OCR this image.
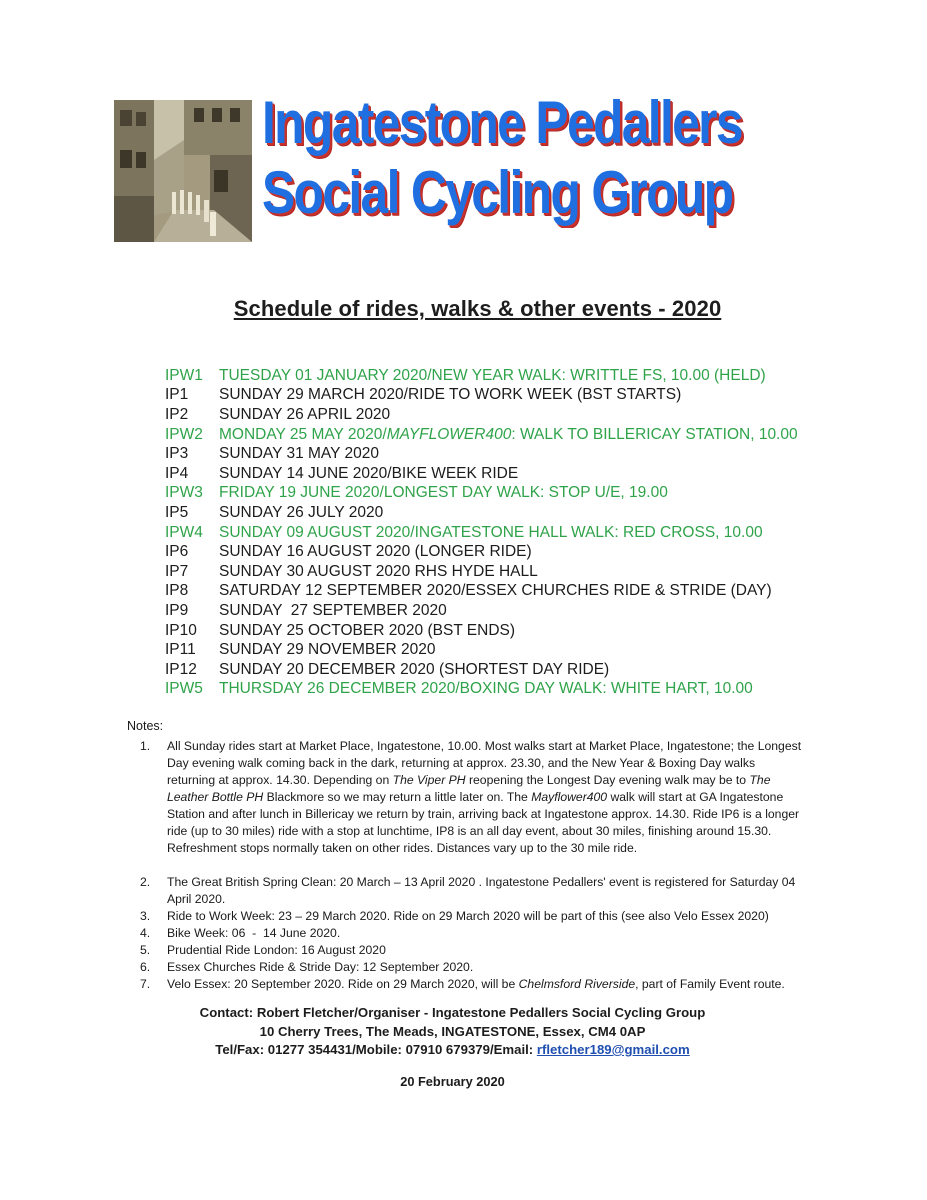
Ingatestone Pedallers
Social Cycling Group
Schedule of rides, walks & other events - 2020
IPW1	TUESDAY 01 JANUARY 2020/NEW YEAR WALK: WRITTLE FS, 10.00 (HELD)
IP1	SUNDAY 29 MARCH 2020/RIDE TO WORK WEEK (BST STARTS)
IP2	SUNDAY 26 APRIL 2020
IPW2	MONDAY 25 MAY 2020/MAYFLOWER400: WALK TO BILLERICAY STATION, 10.00
IP3	SUNDAY 31 MAY 2020
IP4	SUNDAY 14 JUNE 2020/BIKE WEEK RIDE
IPW3	FRIDAY 19 JUNE 2020/LONGEST DAY WALK: STOP U/E, 19.00
IP5	SUNDAY 26 JULY 2020
IPW4	SUNDAY 09 AUGUST 2020/INGATESTONE HALL WALK: RED CROSS, 10.00
IP6	SUNDAY 16 AUGUST 2020 (LONGER RIDE)
IP7	SUNDAY 30 AUGUST 2020 RHS HYDE HALL
IP8	SATURDAY 12 SEPTEMBER 2020/ESSEX CHURCHES RIDE & STRIDE (DAY)
IP9	SUNDAY  27 SEPTEMBER 2020
IP10	SUNDAY 25 OCTOBER 2020 (BST ENDS)
IP11	SUNDAY 29 NOVEMBER 2020
IP12	SUNDAY 20 DECEMBER 2020 (SHORTEST DAY RIDE)
IPW5	THURSDAY 26 DECEMBER 2020/BOXING DAY WALK: WHITE HART, 10.00
Notes:
1.	All Sunday rides start at Market Place, Ingatestone, 10.00. Most walks start at Market Place, Ingatestone; the Longest Day evening walk coming back in the dark, returning at approx. 23.30, and the New Year & Boxing Day walks returning at approx. 14.30. Depending on The Viper PH reopening the Longest Day evening walk may be to The Leather Bottle PH Blackmore so we may return a little later on. The Mayflower400 walk will start at GA Ingatestone Station and after lunch in Billericay we return by train, arriving back at Ingatestone approx. 14.30. Ride IP6 is a longer ride (up to 30 miles) ride with a stop at lunchtime, IP8 is an all day event, about 30 miles, finishing around 15.30. Refreshment stops normally taken on other rides. Distances vary up to the 30 mile ride.
2.	The Great British Spring Clean: 20 March – 13 April 2020 . Ingatestone Pedallers' event is registered for Saturday 04 April 2020.
3.	Ride to Work Week: 23 – 29 March 2020. Ride on 29 March 2020 will be part of this (see also Velo Essex 2020)
4.	Bike Week: 06  -  14 June 2020.
5.	Prudential Ride London: 16 August 2020
6.	Essex Churches Ride & Stride Day: 12 September 2020.
7.	Velo Essex: 20 September 2020. Ride on 29 March 2020, will be Chelmsford Riverside, part of Family Event route.
Contact: Robert Fletcher/Organiser - Ingatestone Pedallers Social Cycling Group
10 Cherry Trees, The Meads, INGATESTONE, Essex, CM4 0AP
Tel/Fax: 01277 354431/Mobile: 07910 679379/Email: rfletcher189@gmail.com
20 February 2020
